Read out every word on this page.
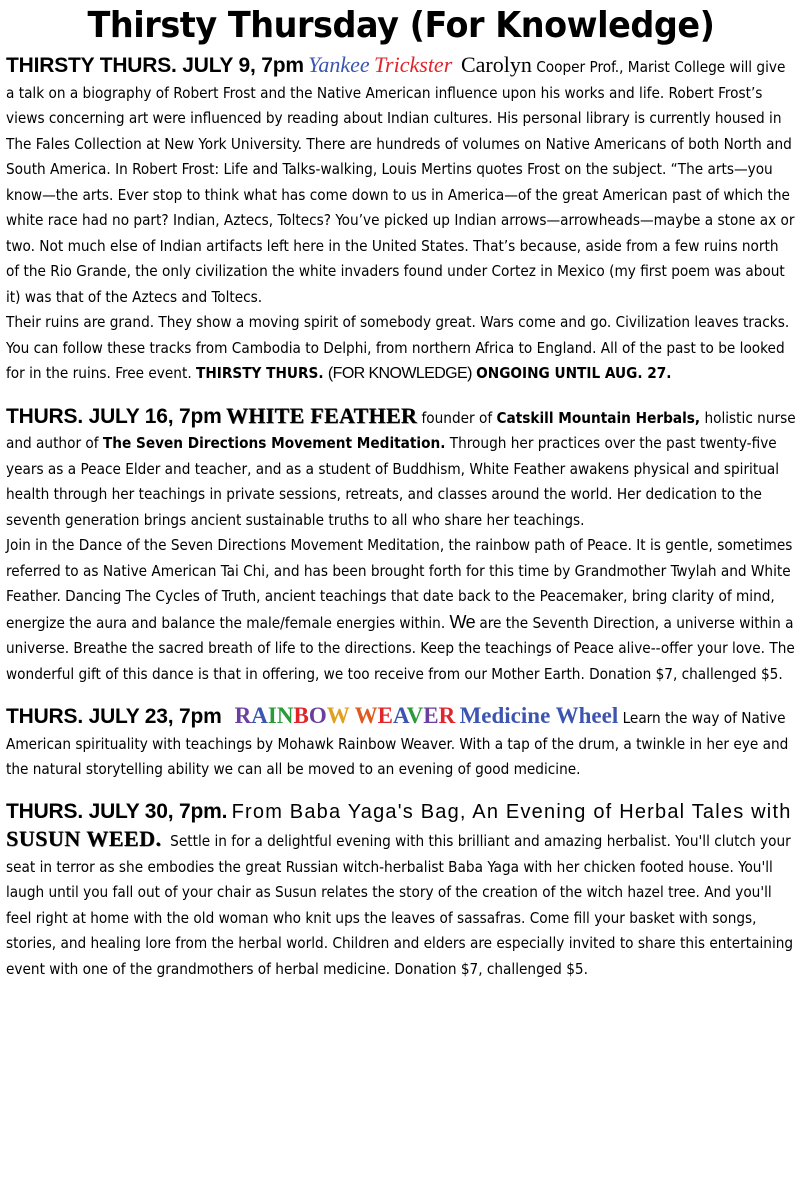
Thirsty Thursday (For Knowledge)

THIRSTY THURS. JULY 9, 7pm Yankee Trickster Carolyn Cooper Prof., Marist College will give a talk on a biography of Robert Frost and the Native American influence upon his works and life. Robert Frost’s views concerning art were influenced by reading about Indian cultures. His personal library is currently housed in The Fales Collection at New York University. There are hundreds of volumes on Native Americans of both North and South America. In Robert Frost: Life and Talks-walking, Louis Mertins quotes Frost on the subject. “The arts—you know—the arts. Ever stop to think what has come down to us in America—of the great American past of which the white race had no part? Indian, Aztecs, Toltecs? You’ve picked up Indian arrows—arrowheads—maybe a stone ax or two. Not much else of Indian artifacts left here in the United States. That’s because, aside from a few ruins north of the Rio Grande, the only civilization the white invaders found under Cortez in Mexico (my first poem was about it) was that of the Aztecs and Toltecs.
Their ruins are grand. They show a moving spirit of somebody great. Wars come and go. Civilization leaves tracks. You can follow these tracks from Cambodia to Delphi, from northern Africa to England. All of the past to be looked for in the ruins. Free event. THIRSTY THURS. (FOR KNOWLEDGE) ONGOING UNTIL AUG. 27.

THURS. JULY 16, 7pm WHITE FEATHER founder of Catskill Mountain Herbals, holistic nurse and author of The Seven Directions Movement Meditation. Through her practices over the past twenty-five years as a Peace Elder and teacher, and as a student of Buddhism, White Feather awakens physical and spiritual health through her teachings in private sessions, retreats, and classes around the world. Her dedication to the seventh generation brings ancient sustainable truths to all who share her teachings.
Join in the Dance of the Seven Directions Movement Meditation, the rainbow path of Peace. It is gentle, sometimes referred to as Native American Tai Chi, and has been brought forth for this time by Grandmother Twylah and White Feather. Dancing The Cycles of Truth, ancient teachings that date back to the Peacemaker, bring clarity of mind, energize the aura and balance the male/female energies within. We are the Seventh Direction, a universe within a universe. Breathe the sacred breath of life to the directions. Keep the teachings of Peace alive--offer your love. The wonderful gift of this dance is that in offering, we too receive from our Mother Earth. Donation $7, challenged $5.

THURS. JULY 23, 7pm RAINBOW WEAVER Medicine Wheel Learn the way of Native American spirituality with teachings by Mohawk Rainbow Weaver. With a tap of the drum, a twinkle in her eye and the natural storytelling ability we can all be moved to an evening of good medicine.

THURS. JULY 30, 7pm. From Baba Yaga's Bag, An Evening of Herbal Tales with SUSUN WEED. Settle in for a delightful evening with this brilliant and amazing herbalist. You'll clutch your seat in terror as she embodies the great Russian witch-herbalist Baba Yaga with her chicken footed house. You'll laugh until you fall out of your chair as Susun relates the story of the creation of the witch hazel tree. And you'll feel right at home with the old woman who knit ups the leaves of sassafras. Come fill your basket with songs, stories, and healing lore from the herbal world. Children and elders are especially invited to share this entertaining event with one of the grandmothers of herbal medicine. Donation $7, challenged $5.
